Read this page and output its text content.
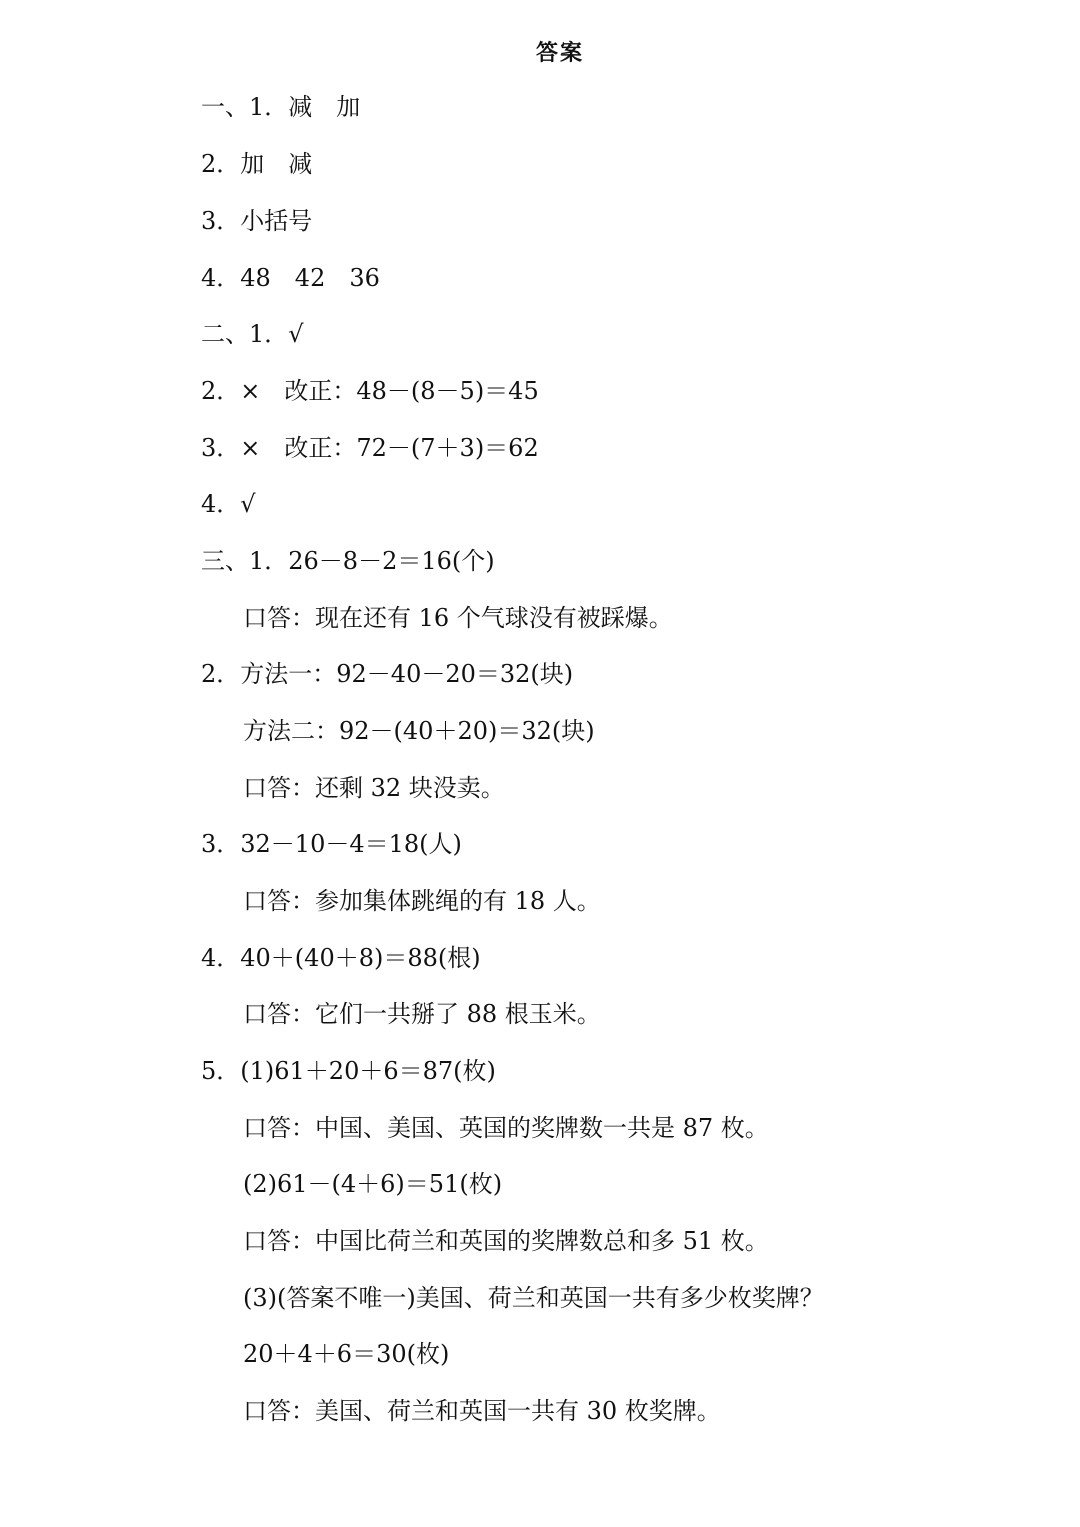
答案
一、1．减　加
2．加　减
3．小括号
4．48　42　36
二、1．√
2．×　改正：48－(8－5)＝45
3．×　改正：72－(7＋3)＝62
4．√
三、1．26－8－2＝16(个)
口答：现在还有 16 个气球没有被踩爆。
2．方法一：92－40－20＝32(块)
方法二：92－(40＋20)＝32(块)
口答：还剩 32 块没卖。
3．32－10－4＝18(人)
口答：参加集体跳绳的有 18 人。
4．40＋(40＋8)＝88(根)
口答：它们一共掰了 88 根玉米。
5．(1)61＋20＋6＝87(枚)
口答：中国、美国、英国的奖牌数一共是 87 枚。
(2)61－(4＋6)＝51(枚)
口答：中国比荷兰和英国的奖牌数总和多 51 枚。
(3)(答案不唯一)美国、荷兰和英国一共有多少枚奖牌？
20＋4＋6＝30(枚)
口答：美国、荷兰和英国一共有 30 枚奖牌。
